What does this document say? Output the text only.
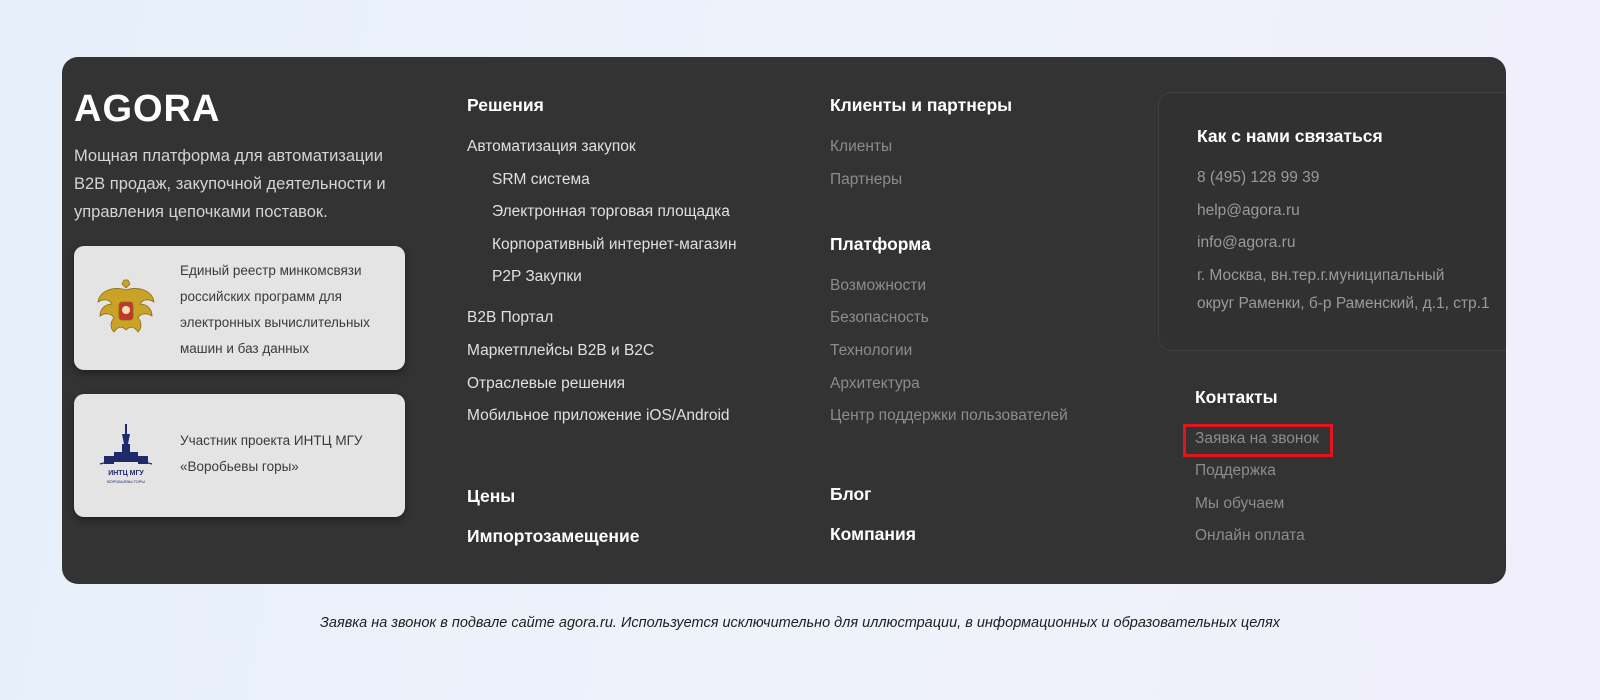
AGORA
Мощная платформа для автоматизации B2B продаж, закупочной деятельности и управления цепочками поставок.
Единый реестр минкомсвязи российских программ для электронных вычислительных машин и баз данных
ИНТЦ МГУ
ВОРОБЬЕВЫ ГОРЫ
Участник проекта ИНТЦ МГУ «Воробьевы горы»
Решения
Автоматизация закупок
SRM система
Электронная торговая площадка
Корпоративный интернет-магазин
P2P Закупки
B2B Портал
Маркетплейсы B2B и B2C
Отраслевые решения
Мобильное приложение iOS/Android
Цены
Импортозамещение
Клиенты и партнеры
Клиенты
Партнеры
Платформа
Возможности
Безопасность
Технологии
Архитектура
Центр поддержки пользователей
Блог
Компания
Как с нами связаться
8 (495) 128 99 39
help@agora.ru
info@agora.ru
г. Москва, вн.тер.г.муниципальный
округ Раменки, б-р Раменский, д.1, стр.1
Контакты
Заявка на звонок
Поддержка
Мы обучаем
Онлайн оплата
Заявка на звонок в подвале сайте agora.ru. Используется исключительно для иллюстрации, в информационных и образовательных целях
